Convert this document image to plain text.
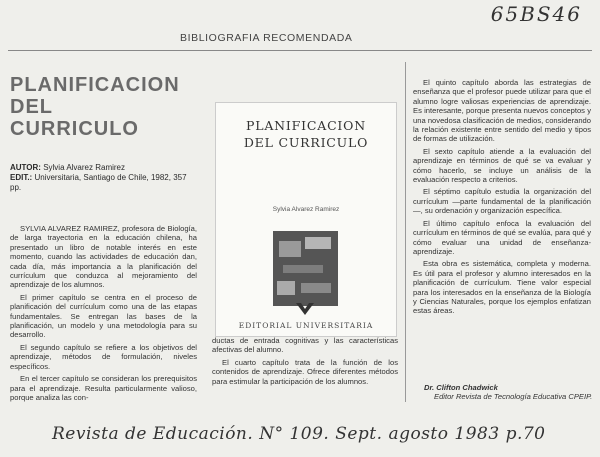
65BS46
BIBLIOGRAFIA RECOMENDADA
PLANIFICACION
DEL
CURRICULO
AUTOR: Sylvia Alvarez Ramirez
EDIT.: Universitaria, Santiago de Chile, 1982, 357 pp.

SYLVIA ALVAREZ RAMIREZ, profesora de Biología, de larga trayectoria en la educación chilena, ha presentado un libro de notable interés en este momento, cuando las actividades de educación dan, cada día, más importancia a la planificación del currículum que conduzca al mejoramiento del aprendizaje de los alumnos.

El primer capítulo se centra en el proceso de planificación del currículum como una de las etapas fundamentales. Se entregan las bases de la planificación, un modelo y una metodología para su desarrollo.

El segundo capítulo se refiere a los objetivos del aprendizaje, métodos de formulación, niveles específicos.

En el tercer capítulo se consideran los prerequisitos para el aprendizaje. Resulta particularmente valioso, porque analiza las con-

PLANIFICACION
DEL CURRICULO
Sylvia Alvarez Ramirez
EDITORIAL UNIVERSITARIA

ductas de entrada cognitivas y las características afectivas del alumno.

El cuarto capítulo trata de la función de los contenidos de aprendizaje. Ofrece diferentes métodos para estimular la participación de los alumnos.

El quinto capítulo aborda las estrategias de enseñanza que el profesor puede utilizar para que el alumno logre valiosas experiencias de aprendizaje. Es interesante, porque presenta nuevos conceptos y una novedosa clasificación de medios, considerando la relación existente entre sentido del medio y tipos de formas de utilización.

El sexto capítulo atiende a la evaluación del aprendizaje en términos de qué se va evaluar y cómo hacerlo, se incluye un análisis de la evaluación respecto a criterios.

El séptimo capítulo estudia la organización del currículum —parte fundamental de la planificación—, su ordenación y organización específica.

El último capítulo enfoca la evaluación del currículum en términos de qué se evalúa, para qué y cómo evaluar una unidad de enseñanza-aprendizaje.

Esta obra es sistemática, completa y moderna. Es útil para el profesor y alumno interesados en la planificación de currículum. Tiene valor especial para los interesados en la enseñanza de la Biología y Ciencias Naturales, porque los ejemplos enfatizan estas áreas.

Dr. Clifton Chadwick
Editor Revista de Tecnología Educativa CPEIP.
Revista de Educación. N° 109. Sept. agosto 1983 p.70
